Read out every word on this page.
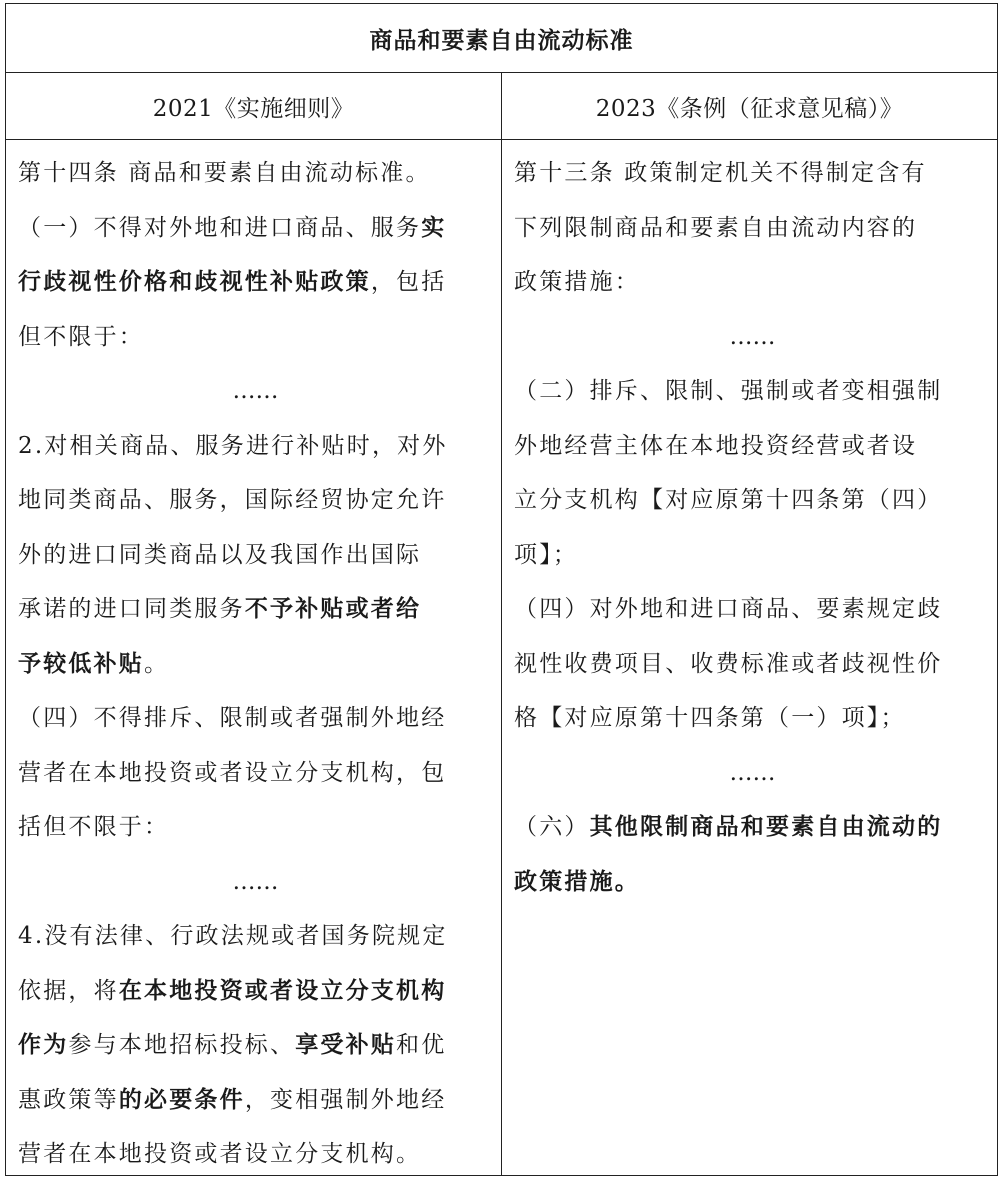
商品和要素自由流动标准
2021《实施细则》	2023《条例（征求意见稿）》
第十四条 商品和要素自由流动标准。
（一）不得对外地和进口商品、服务实
行歧视性价格和歧视性补贴政策，包括
但不限于：
……
2.对相关商品、服务进行补贴时，对外
地同类商品、服务，国际经贸协定允许
外的进口同类商品以及我国作出国际
承诺的进口同类服务不予补贴或者给
予较低补贴。
（四）不得排斥、限制或者强制外地经
营者在本地投资或者设立分支机构，包
括但不限于：
……
4.没有法律、行政法规或者国务院规定
依据，将在本地投资或者设立分支机构
作为参与本地招标投标、享受补贴和优
惠政策等的必要条件，变相强制外地经
营者在本地投资或者设立分支机构。
第十三条 政策制定机关不得制定含有
下列限制商品和要素自由流动内容的
政策措施：
……
（二）排斥、限制、强制或者变相强制
外地经营主体在本地投资经营或者设
立分支机构【对应原第十四条第（四）
项】；
（四）对外地和进口商品、要素规定歧
视性收费项目、收费标准或者歧视性价
格【对应原第十四条第（一）项】；
……
（六）其他限制商品和要素自由流动的
政策措施。
